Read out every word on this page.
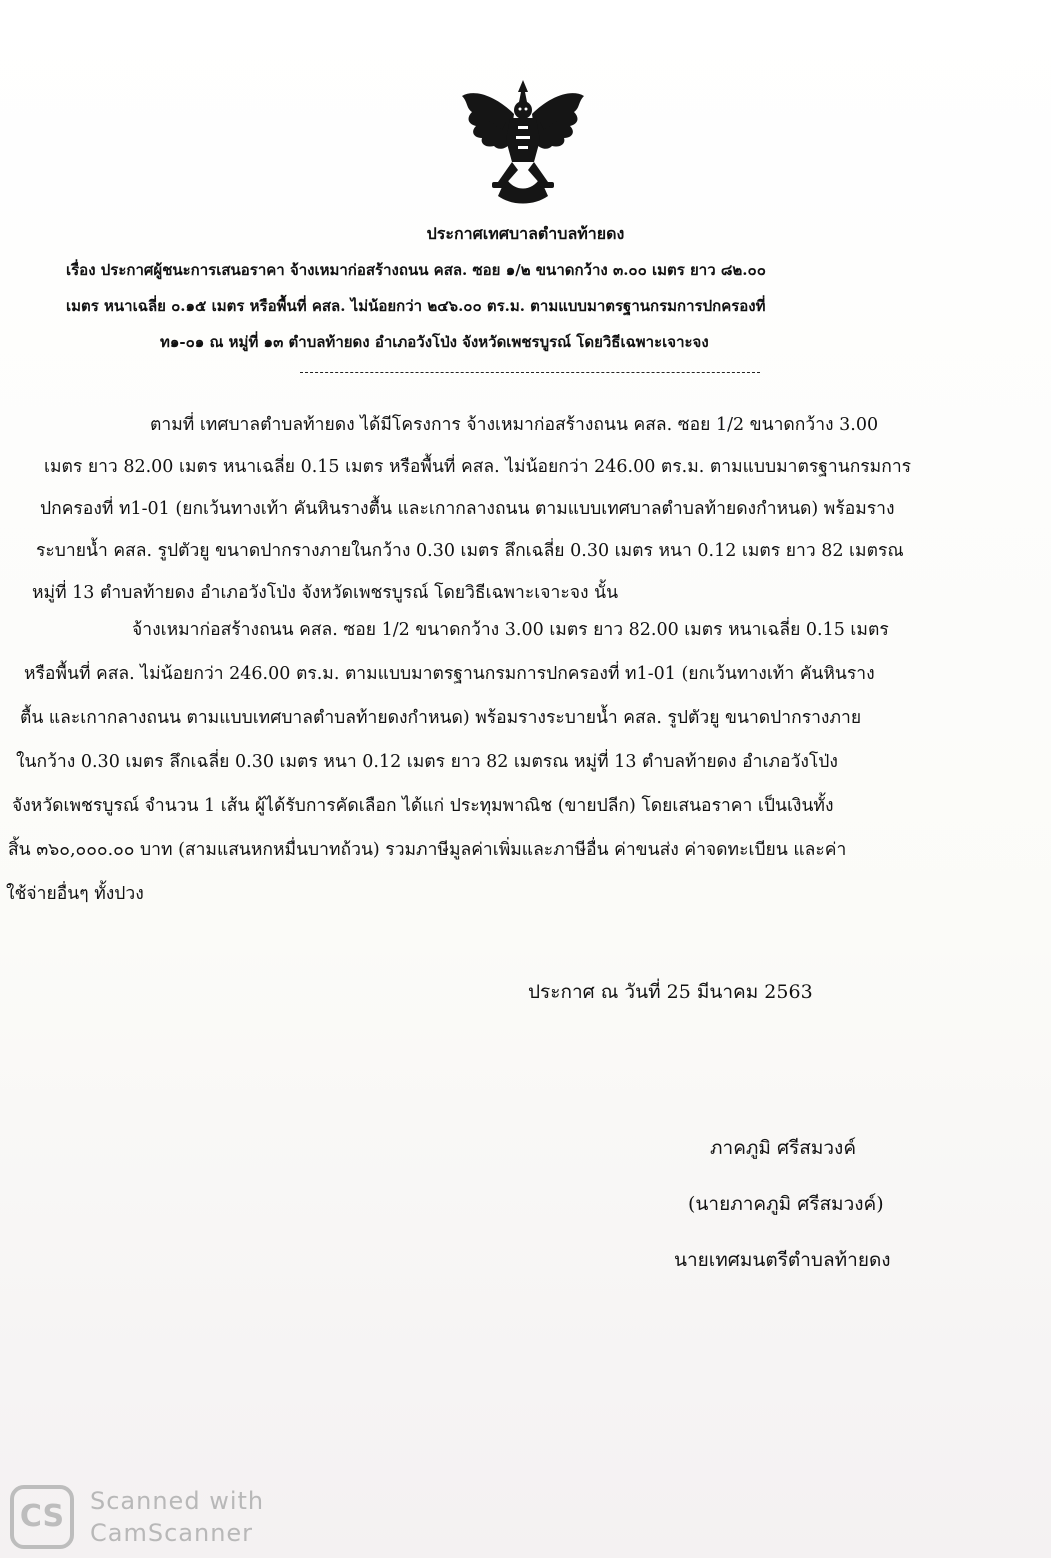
ประกาศเทศบาลตำบลท้ายดง
เรื่อง ประกาศผู้ชนะการเสนอราคา จ้างเหมาก่อสร้างถนน คสล. ซอย ๑/๒ ขนาดกว้าง ๓.๐๐ เมตร ยาว ๘๒.๐๐
เมตร หนาเฉลี่ย ๐.๑๕ เมตร หรือพื้นที่ คสล. ไม่น้อยกว่า ๒๔๖.๐๐ ตร.ม. ตามแบบมาตรฐานกรมการปกครองที่
ท๑-๐๑ ณ หมู่ที่ ๑๓ ตำบลท้ายดง อำเภอวังโป่ง จังหวัดเพชรบูรณ์ โดยวิธีเฉพาะเจาะจง
ตามที่ เทศบาลตำบลท้ายดง ได้มีโครงการ จ้างเหมาก่อสร้างถนน คสล. ซอย 1/2 ขนาดกว้าง 3.00
เมตร ยาว 82.00 เมตร หนาเฉลี่ย 0.15 เมตร หรือพื้นที่ คสล. ไม่น้อยกว่า 246.00 ตร.ม. ตามแบบมาตรฐานกรมการ
ปกครองที่ ท1-01 (ยกเว้นทางเท้า คันหินรางตื้น และเกากลางถนน ตามแบบเทศบาลตำบลท้ายดงกำหนด) พร้อมราง
ระบายน้ำ คสล. รูปตัวยู ขนาดปากรางภายในกว้าง 0.30 เมตร ลึกเฉลี่ย 0.30 เมตร หนา 0.12 เมตร ยาว 82 เมตรณ
หมู่ที่ 13 ตำบลท้ายดง อำเภอวังโป่ง จังหวัดเพชรบูรณ์ โดยวิธีเฉพาะเจาะจง นั้น
จ้างเหมาก่อสร้างถนน คสล. ซอย 1/2 ขนาดกว้าง 3.00 เมตร ยาว 82.00 เมตร หนาเฉลี่ย 0.15 เมตร
หรือพื้นที่ คสล. ไม่น้อยกว่า 246.00 ตร.ม. ตามแบบมาตรฐานกรมการปกครองที่ ท1-01 (ยกเว้นทางเท้า คันหินราง
ตื้น และเกากลางถนน ตามแบบเทศบาลตำบลท้ายดงกำหนด) พร้อมรางระบายน้ำ คสล. รูปตัวยู ขนาดปากรางภาย
ในกว้าง 0.30 เมตร ลึกเฉลี่ย 0.30 เมตร หนา 0.12 เมตร ยาว 82 เมตรณ หมู่ที่ 13 ตำบลท้ายดง อำเภอวังโป่ง
จังหวัดเพชรบูรณ์ จำนวน 1 เส้น ผู้ได้รับการคัดเลือก ได้แก่ ประทุมพาณิช (ขายปลีก) โดยเสนอราคา เป็นเงินทั้ง
สิ้น ๓๖๐,๐๐๐.๐๐ บาท (สามแสนหกหมื่นบาทถ้วน) รวมภาษีมูลค่าเพิ่มและภาษีอื่น ค่าขนส่ง ค่าจดทะเบียน และค่า
ใช้จ่ายอื่นๆ ทั้งปวง
ประกาศ ณ วันที่ 25 มีนาคม 2563
ภาคภูมิ ศรีสมวงค์
(นายภาคภูมิ ศรีสมวงค์)
นายเทศมนตรีตำบลท้ายดง
CS	Scanned with
CamScanner
